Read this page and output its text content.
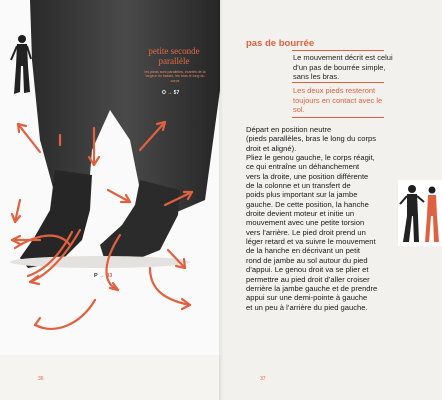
petite seconde parallèle
les pieds sont parallèles, écartés de la largeur du bassin, les bras le long du corps
O → 57
P → 43
36
pas de bourrée
Le mouvement décrit est celui d’un pas de bourrée simple, sans les bras.
Les deux pieds resteront toujours en contact avec le sol.

Départ en position neutre

(pieds parallèles, bras le long du corps

droit et aligné).

Pliez le genou gauche, le corps réagit,

ce qui entraîne un déhanchement

vers la droite, une position différente

de la colonne et un transfert de

poids plus important sur la jambe

gauche. De cette position, la hanche

droite devient moteur et initie un

mouvement avec une petite torsion

vers l’arrière. Le pied droit prend un

léger retard et va suivre le mouvement

de la hanche en décrivant un petit

rond de jambe au sol autour du pied

d’appui. Le genou droit va se plier et

permettre au pied droit d’aller croiser

derrière la jambe gauche et de prendre

appui sur une demi-pointe à gauche

et un peu à l’arrière du pied gauche.

37
